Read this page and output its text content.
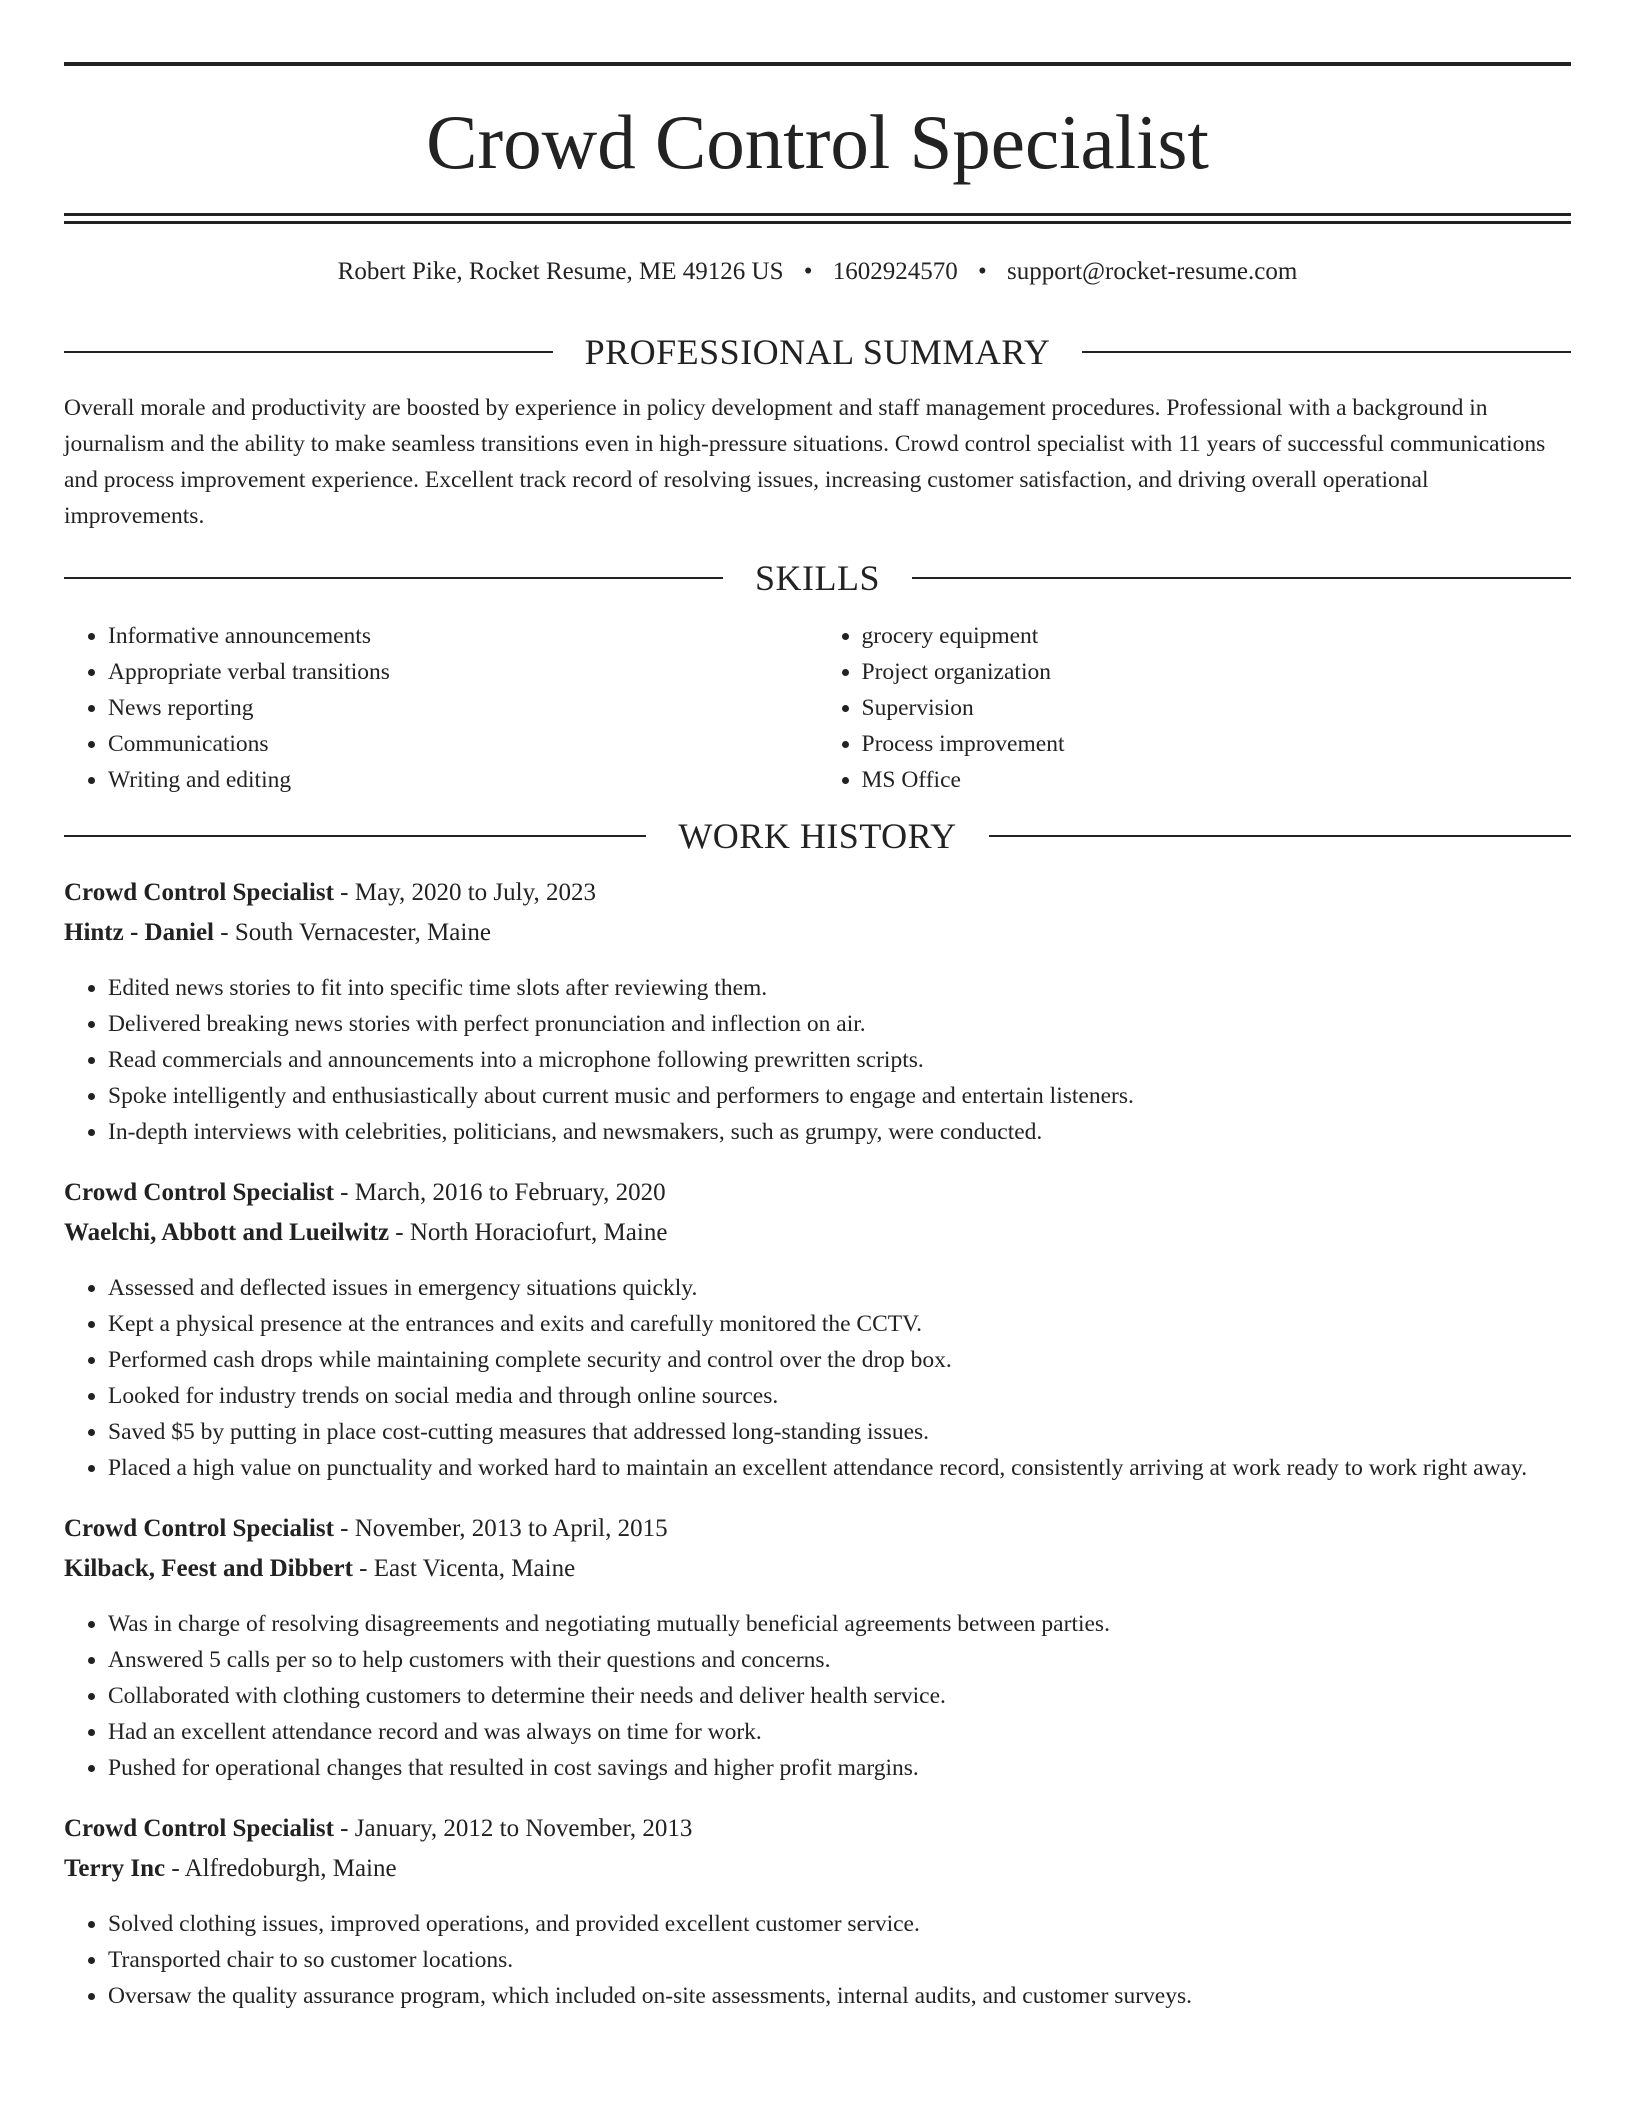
Crowd Control Specialist
Robert Pike, Rocket Resume, ME 49126 US • 1602924570 • support@rocket-resume.com
PROFESSIONAL SUMMARY

Overall morale and productivity are boosted by experience in policy development and staff management procedures. Professional with a background in journalism and the ability to make seamless transitions even in high-pressure situations. Crowd control specialist with 11 years of successful communications and process improvement experience. Excellent track record of resolving issues, increasing customer satisfaction, and driving overall operational improvements.

SKILLS
• Informative announcements
• Appropriate verbal transitions
• News reporting
• Communications
• Writing and editing
• grocery equipment
• Project organization
• Supervision
• Process improvement
• MS Office
WORK HISTORY
Crowd Control Specialist - May, 2020 to July, 2023
Hintz - Daniel - South Vernacester, Maine
• Edited news stories to fit into specific time slots after reviewing them.
• Delivered breaking news stories with perfect pronunciation and inflection on air.
• Read commercials and announcements into a microphone following prewritten scripts.
• Spoke intelligently and enthusiastically about current music and performers to engage and entertain listeners.
• In-depth interviews with celebrities, politicians, and newsmakers, such as grumpy, were conducted.
Crowd Control Specialist - March, 2016 to February, 2020
Waelchi, Abbott and Lueilwitz - North Horaciofurt, Maine
• Assessed and deflected issues in emergency situations quickly.
• Kept a physical presence at the entrances and exits and carefully monitored the CCTV.
• Performed cash drops while maintaining complete security and control over the drop box.
• Looked for industry trends on social media and through online sources.
• Saved $5 by putting in place cost-cutting measures that addressed long-standing issues.
• Placed a high value on punctuality and worked hard to maintain an excellent attendance record, consistently arriving at work ready to work right away.
Crowd Control Specialist - November, 2013 to April, 2015
Kilback, Feest and Dibbert - East Vicenta, Maine
• Was in charge of resolving disagreements and negotiating mutually beneficial agreements between parties.
• Answered 5 calls per so to help customers with their questions and concerns.
• Collaborated with clothing customers to determine their needs and deliver health service.
• Had an excellent attendance record and was always on time for work.
• Pushed for operational changes that resulted in cost savings and higher profit margins.
Crowd Control Specialist - January, 2012 to November, 2013
Terry Inc - Alfredoburgh, Maine
• Solved clothing issues, improved operations, and provided excellent customer service.
• Transported chair to so customer locations.
• Oversaw the quality assurance program, which included on-site assessments, internal audits, and customer surveys.
